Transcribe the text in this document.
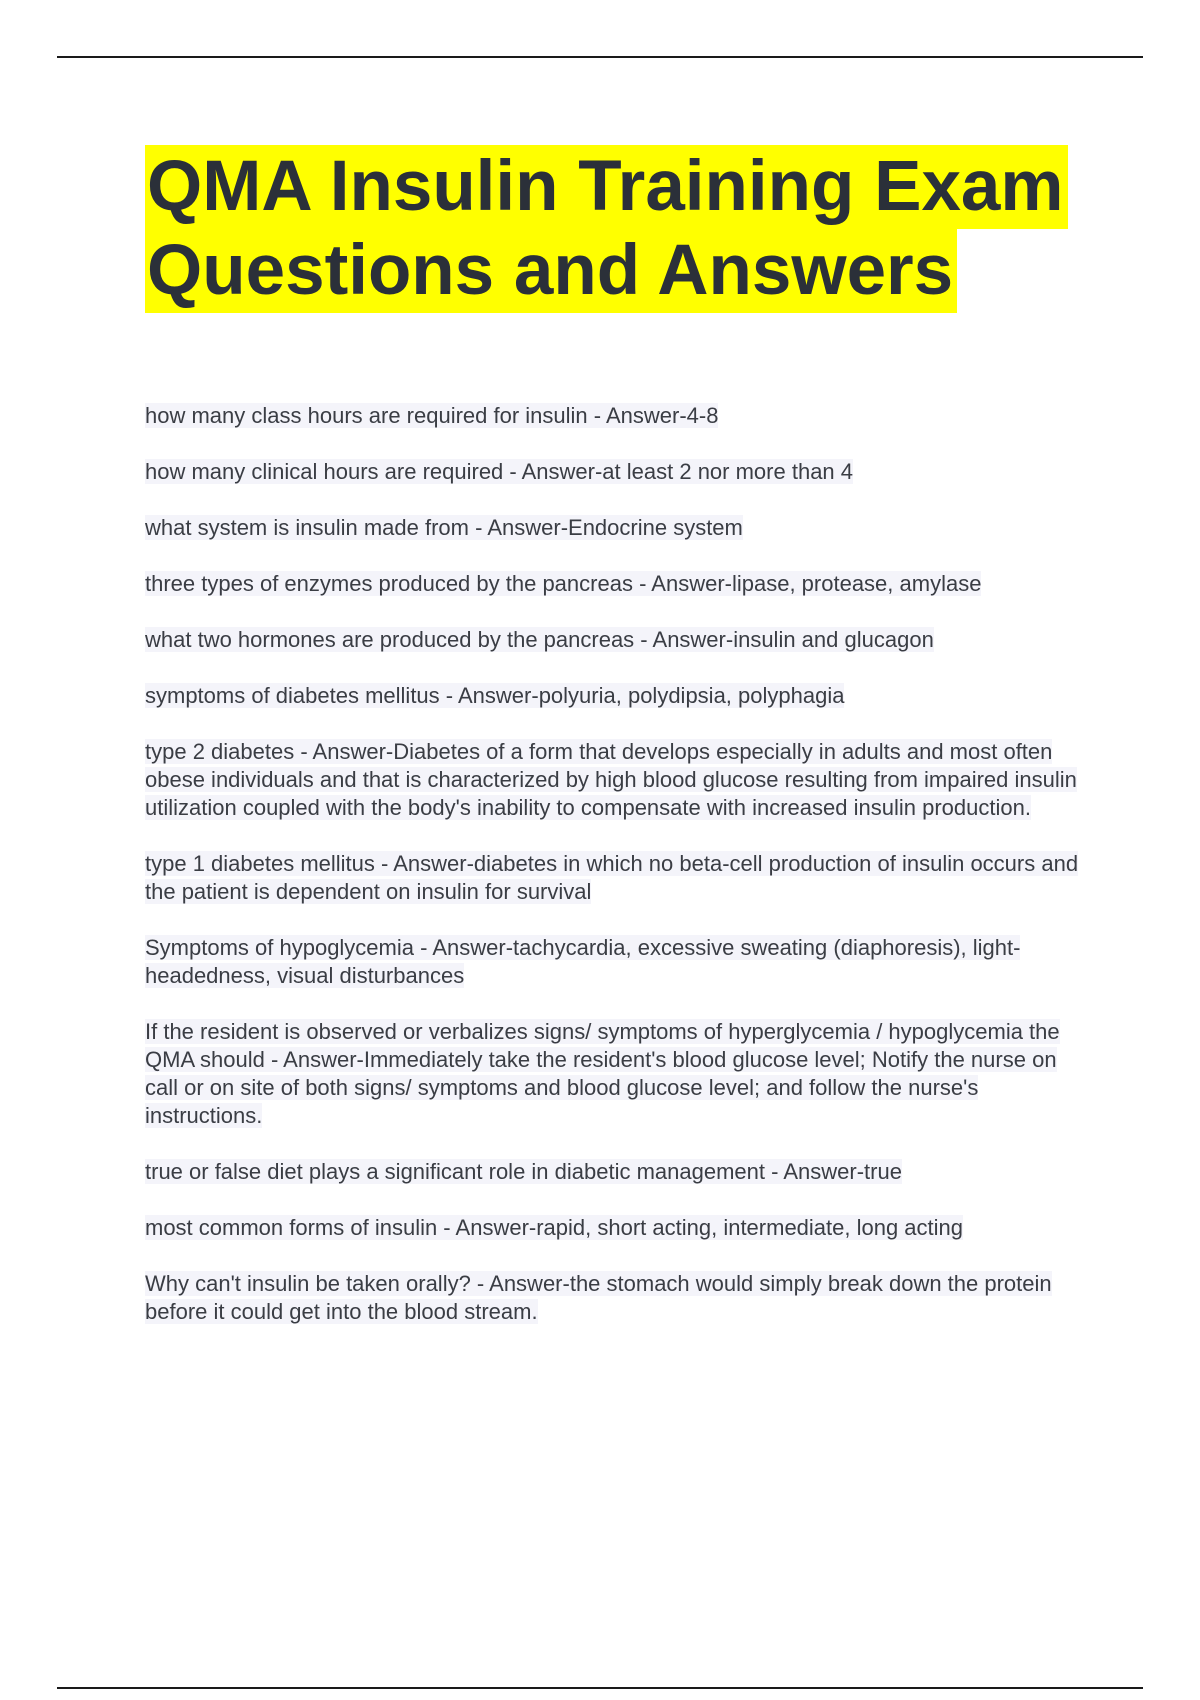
QMA Insulin Training Exam
Questions and Answers
how many class hours are required for insulin - Answer-4-8
how many clinical hours are required - Answer-at least 2 nor more than 4
what system is insulin made from - Answer-Endocrine system
three types of enzymes produced by the pancreas - Answer-lipase, protease, amylase
what two hormones are produced by the pancreas - Answer-insulin and glucagon
symptoms of diabetes mellitus - Answer-polyuria, polydipsia, polyphagia
type 2 diabetes - Answer-Diabetes of a form that develops especially in adults and most often obese individuals and that is characterized by high blood glucose resulting from impaired insulin utilization coupled with the body's inability to compensate with increased insulin production.
type 1 diabetes mellitus - Answer-diabetes in which no beta-cell production of insulin occurs and the patient is dependent on insulin for survival
Symptoms of hypoglycemia - Answer-tachycardia, excessive sweating (diaphoresis), light-headedness, visual disturbances
If the resident is observed or verbalizes signs/ symptoms of hyperglycemia / hypoglycemia the QMA should - Answer-Immediately take the resident's blood glucose level; Notify the nurse on call or on site of both signs/ symptoms and blood glucose level; and follow the nurse's instructions.
true or false diet plays a significant role in diabetic management - Answer-true
most common forms of insulin - Answer-rapid, short acting, intermediate, long acting
Why can't insulin be taken orally? - Answer-the stomach would simply break down the protein before it could get into the blood stream.
